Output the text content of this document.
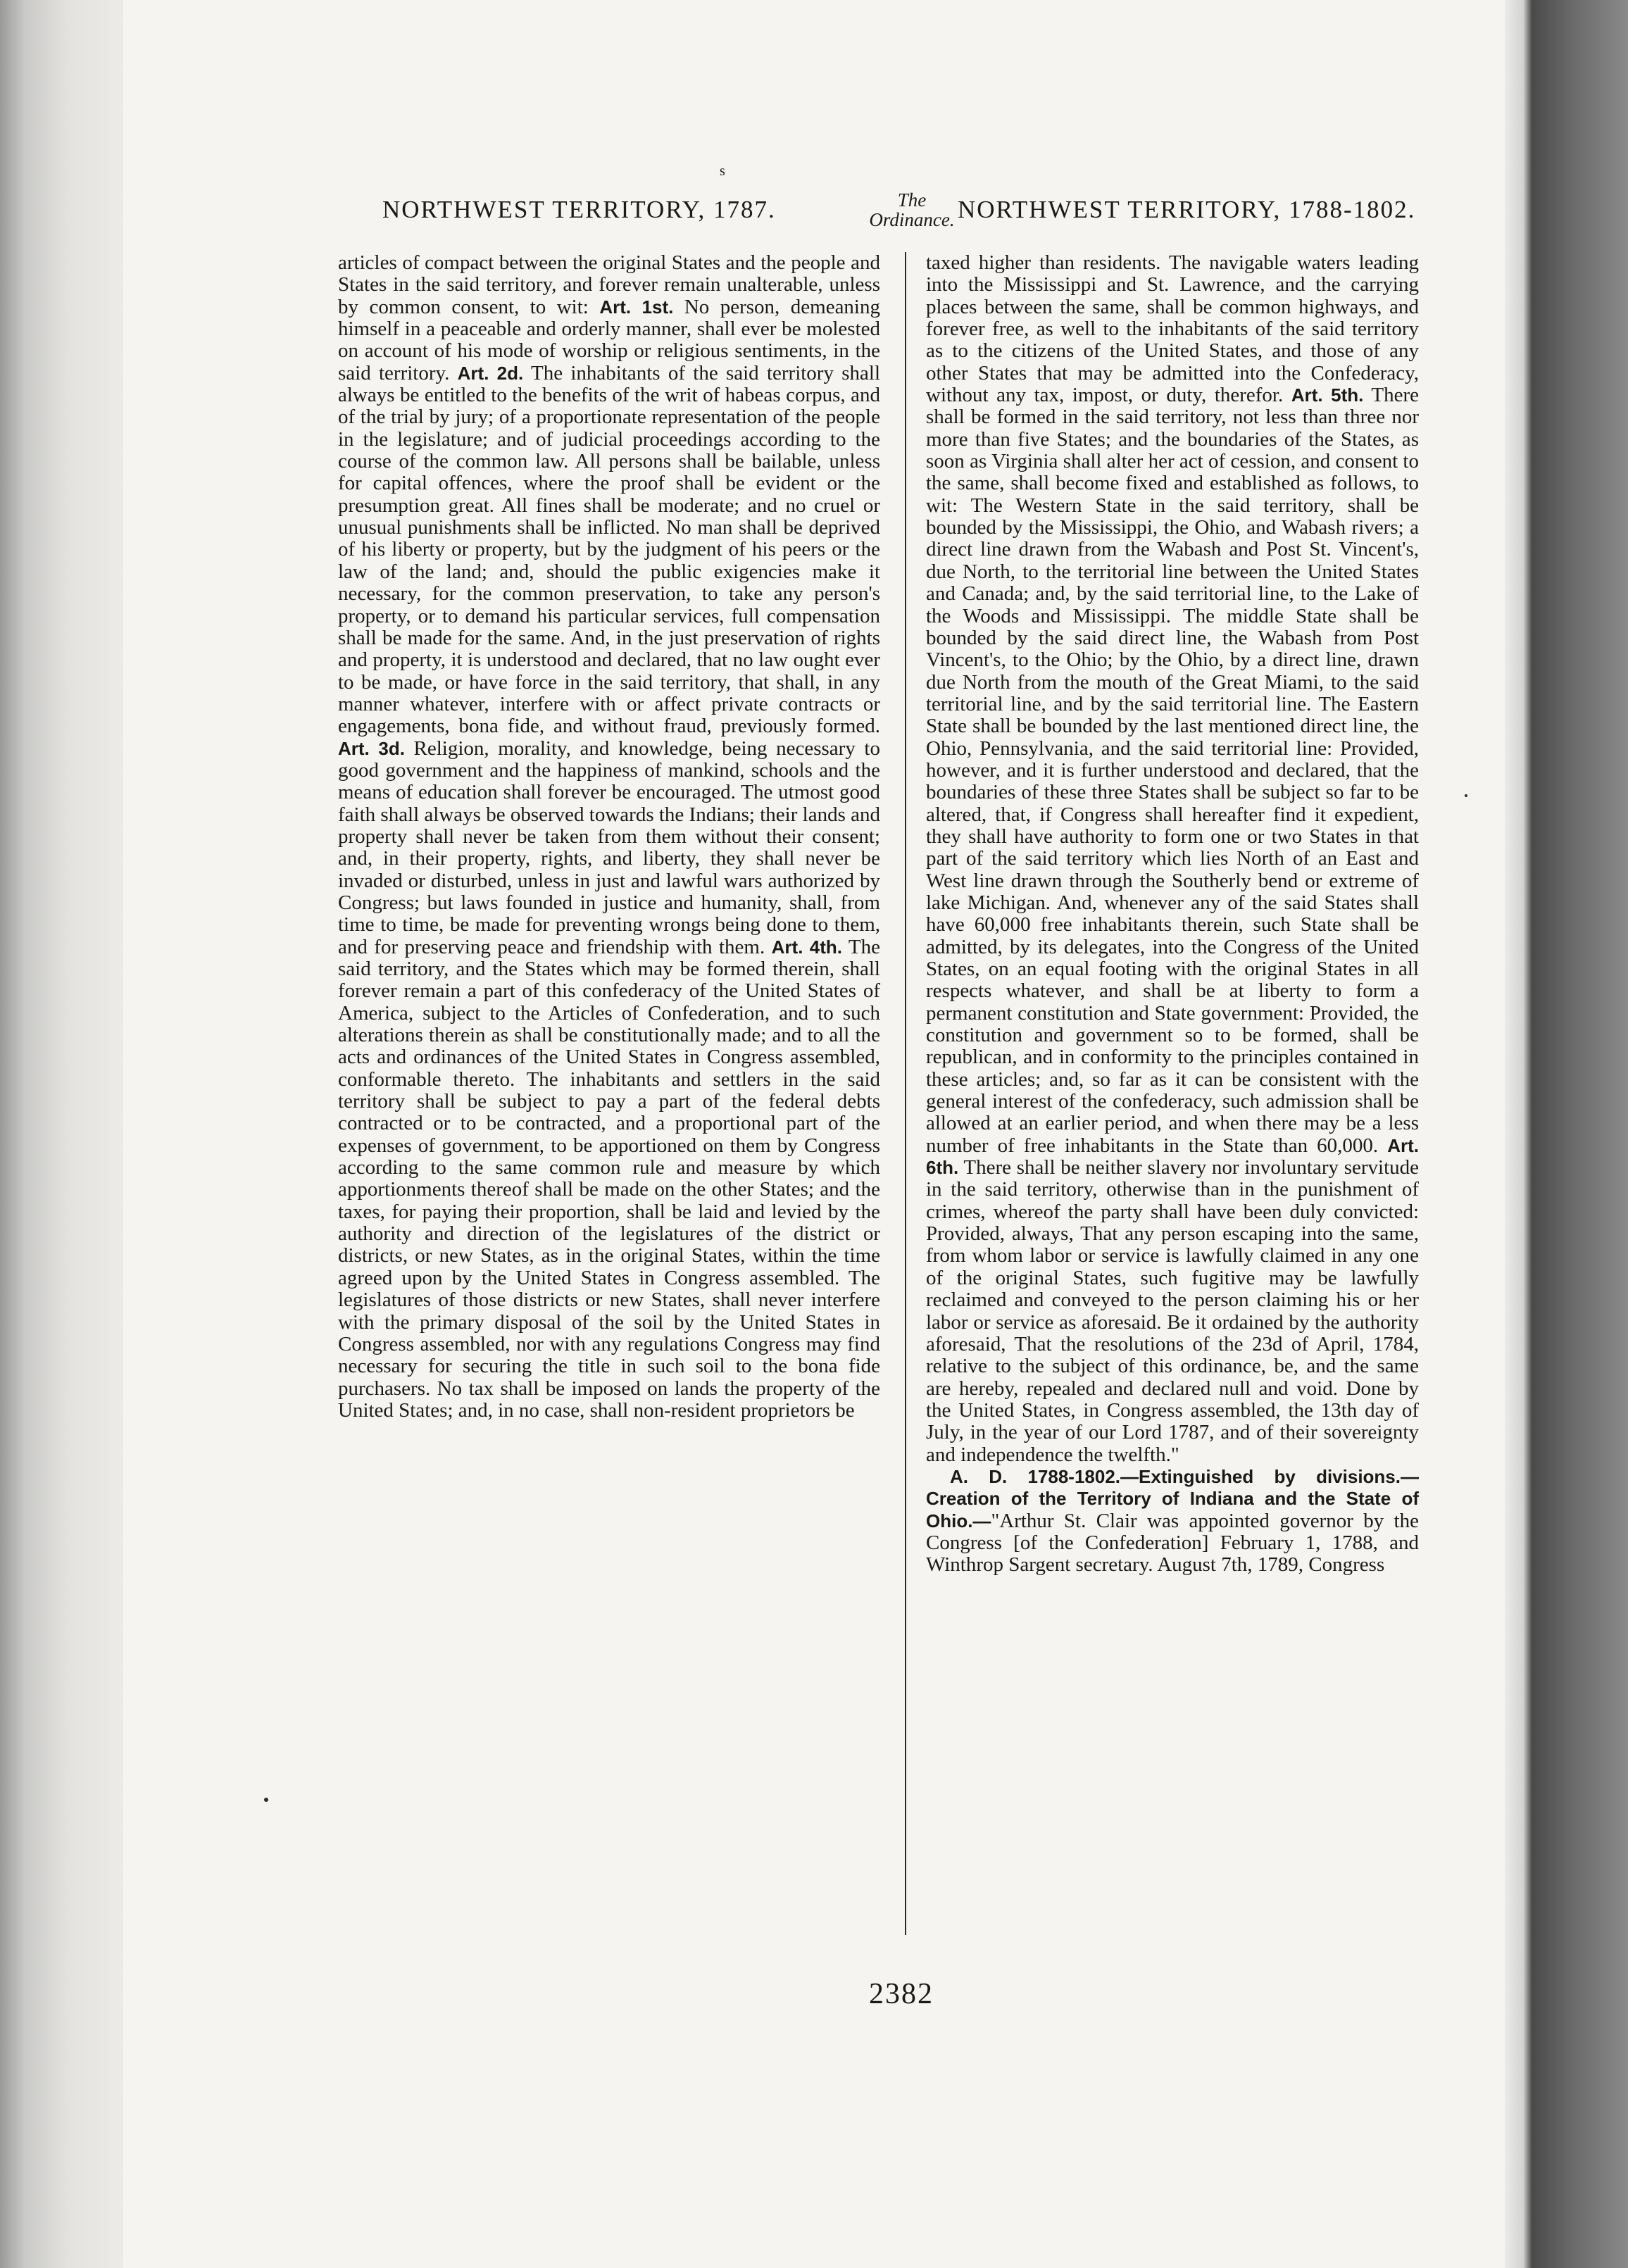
s
NORTHWEST TERRITORY, 1787.	The
Ordinance. NORTHWEST TERRITORY, 1788-1802.

articles of compact between the original States and the people and States in the said territory, and forever remain unalterable, unless by common consent, to wit: Art. 1st. No person, demeaning himself in a peaceable and orderly manner, shall ever be molested on account of his mode of worship or religious sentiments, in the said territory. Art. 2d. The inhabitants of the said territory shall always be entitled to the benefits of the writ of habeas corpus, and of the trial by jury; of a proportionate representation of the people in the legislature; and of judicial proceedings according to the course of the common law. All persons shall be bailable, unless for capital offences, where the proof shall be evident or the presumption great. All fines shall be moderate; and no cruel or unusual punishments shall be inflicted. No man shall be deprived of his liberty or property, but by the judgment of his peers or the law of the land; and, should the public exigencies make it necessary, for the common preservation, to take any person's property, or to demand his particular services, full compensation shall be made for the same. And, in the just preservation of rights and property, it is understood and declared, that no law ought ever to be made, or have force in the said territory, that shall, in any manner whatever, interfere with or affect private contracts or engagements, bona fide, and without fraud, previously formed. Art. 3d. Religion, morality, and knowledge, being necessary to good government and the happiness of mankind, schools and the means of education shall forever be encouraged. The utmost good faith shall always be observed towards the Indians; their lands and property shall never be taken from them without their consent; and, in their property, rights, and liberty, they shall never be invaded or disturbed, unless in just and lawful wars authorized by Congress; but laws founded in justice and humanity, shall, from time to time, be made for preventing wrongs being done to them, and for preserving peace and friendship with them. Art. 4th. The said territory, and the States which may be formed therein, shall forever remain a part of this confederacy of the United States of America, subject to the Articles of Confederation, and to such alterations therein as shall be constitutionally made; and to all the acts and ordinances of the United States in Congress assembled, conformable thereto. The inhabitants and settlers in the said territory shall be subject to pay a part of the federal debts contracted or to be contracted, and a proportional part of the expenses of government, to be apportioned on them by Congress according to the same common rule and measure by which apportionments thereof shall be made on the other States; and the taxes, for paying their proportion, shall be laid and levied by the authority and direction of the legislatures of the district or districts, or new States, as in the original States, within the time agreed upon by the United States in Congress assembled. The legislatures of those districts or new States, shall never interfere with the primary disposal of the soil by the United States in Congress assembled, nor with any regulations Congress may find necessary for securing the title in such soil to the bona fide purchasers. No tax shall be imposed on lands the property of the United States; and, in no case, shall non-resident proprietors be

taxed higher than residents. The navigable waters leading into the Mississippi and St. Lawrence, and the carrying places between the same, shall be common highways, and forever free, as well to the inhabitants of the said territory as to the citizens of the United States, and those of any other States that may be admitted into the Confederacy, without any tax, impost, or duty, therefor. Art. 5th. There shall be formed in the said territory, not less than three nor more than five States; and the boundaries of the States, as soon as Virginia shall alter her act of cession, and consent to the same, shall become fixed and established as follows, to wit: The Western State in the said territory, shall be bounded by the Mississippi, the Ohio, and Wabash rivers; a direct line drawn from the Wabash and Post St. Vincent's, due North, to the territorial line between the United States and Canada; and, by the said territorial line, to the Lake of the Woods and Mississippi. The middle State shall be bounded by the said direct line, the Wabash from Post Vincent's, to the Ohio; by the Ohio, by a direct line, drawn due North from the mouth of the Great Miami, to the said territorial line, and by the said territorial line. The Eastern State shall be bounded by the last mentioned direct line, the Ohio, Pennsylvania, and the said territorial line: Provided, however, and it is further understood and declared, that the boundaries of these three States shall be subject so far to be altered, that, if Congress shall hereafter find it expedient, they shall have authority to form one or two States in that part of the said territory which lies North of an East and West line drawn through the Southerly bend or extreme of lake Michigan. And, whenever any of the said States shall have 60,000 free inhabitants therein, such State shall be admitted, by its delegates, into the Congress of the United States, on an equal footing with the original States in all respects whatever, and shall be at liberty to form a permanent constitution and State government: Provided, the constitution and government so to be formed, shall be republican, and in conformity to the principles contained in these articles; and, so far as it can be consistent with the general interest of the confederacy, such admission shall be allowed at an earlier period, and when there may be a less number of free inhabitants in the State than 60,000. Art. 6th. There shall be neither slavery nor involuntary servitude in the said territory, otherwise than in the punishment of crimes, whereof the party shall have been duly convicted: Provided, always, That any person escaping into the same, from whom labor or service is lawfully claimed in any one of the original States, such fugitive may be lawfully reclaimed and conveyed to the person claiming his or her labor or service as aforesaid. Be it ordained by the authority aforesaid, That the resolutions of the 23d of April, 1784, relative to the subject of this ordinance, be, and the same are hereby, repealed and declared null and void. Done by the United States, in Congress assembled, the 13th day of July, in the year of our Lord 1787, and of their sovereignty and independence the twelfth."

A. D. 1788-1802.—Extinguished by divisions.—Creation of the Territory of Indiana and the State of Ohio.—"Arthur St. Clair was appointed governor by the Congress [of the Confederation] February 1, 1788, and Winthrop Sargent secretary. August 7th, 1789, Congress

2382
